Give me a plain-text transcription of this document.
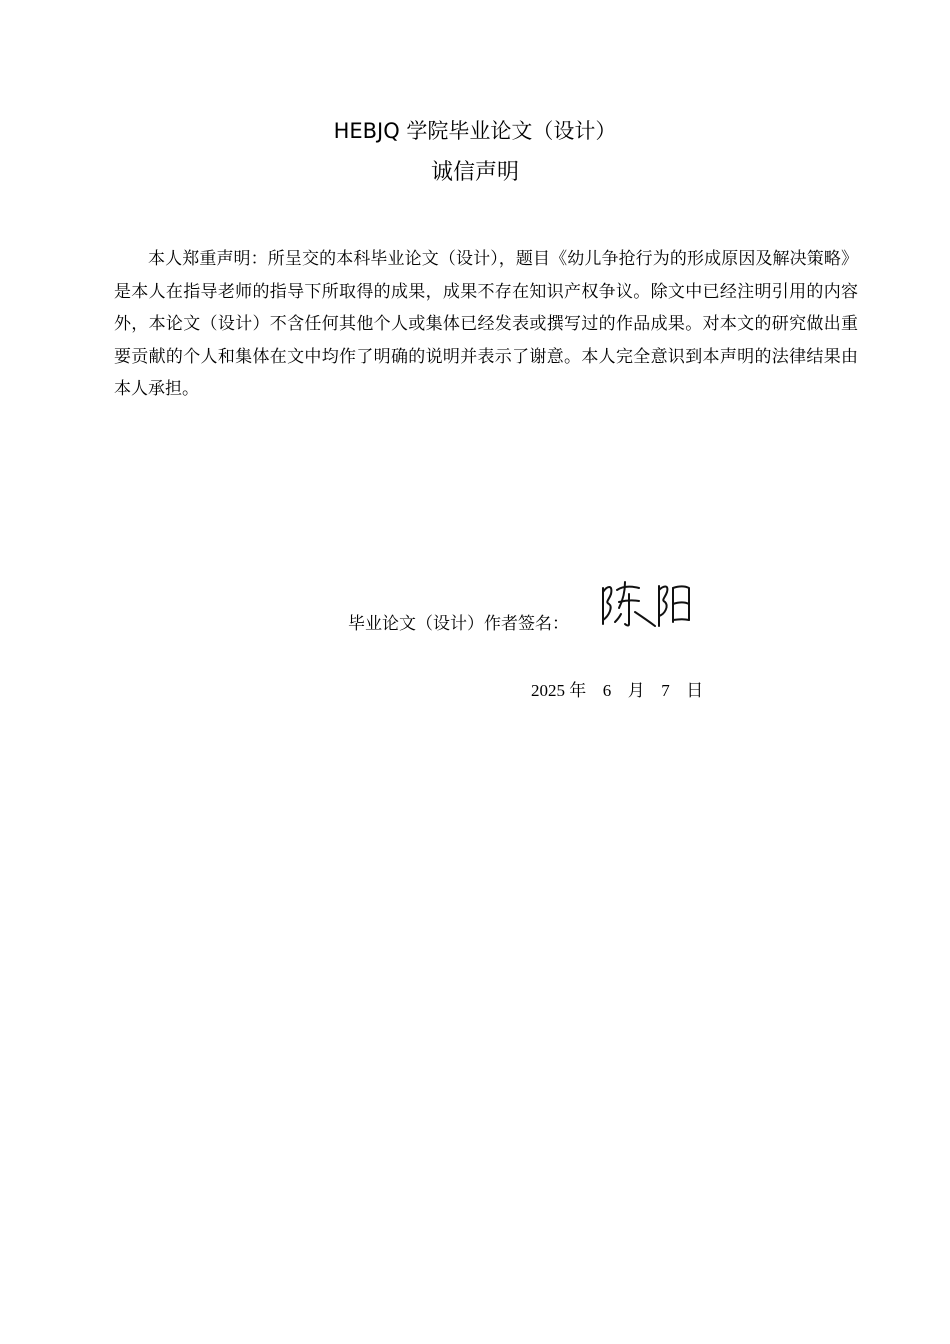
HEBJQ 学院毕业论文（设计）
诚信声明

本人郑重声明：所呈交的本科毕业论文（设计），题目《幼儿争抢行为的形成原因及解决策略》是本人在指导老师的指导下所取得的成果，成果不存在知识产权争议。除文中已经注明引用的内容外，本论文（设计）不含任何其他个人或集体已经发表或撰写过的作品成果。对本文的研究做出重要贡献的个人和集体在文中均作了明确的说明并表示了谢意。本人完全意识到本声明的法律结果由本人承担。

毕业论文（设计）作者签名：
2025 年 6 月 7 日
